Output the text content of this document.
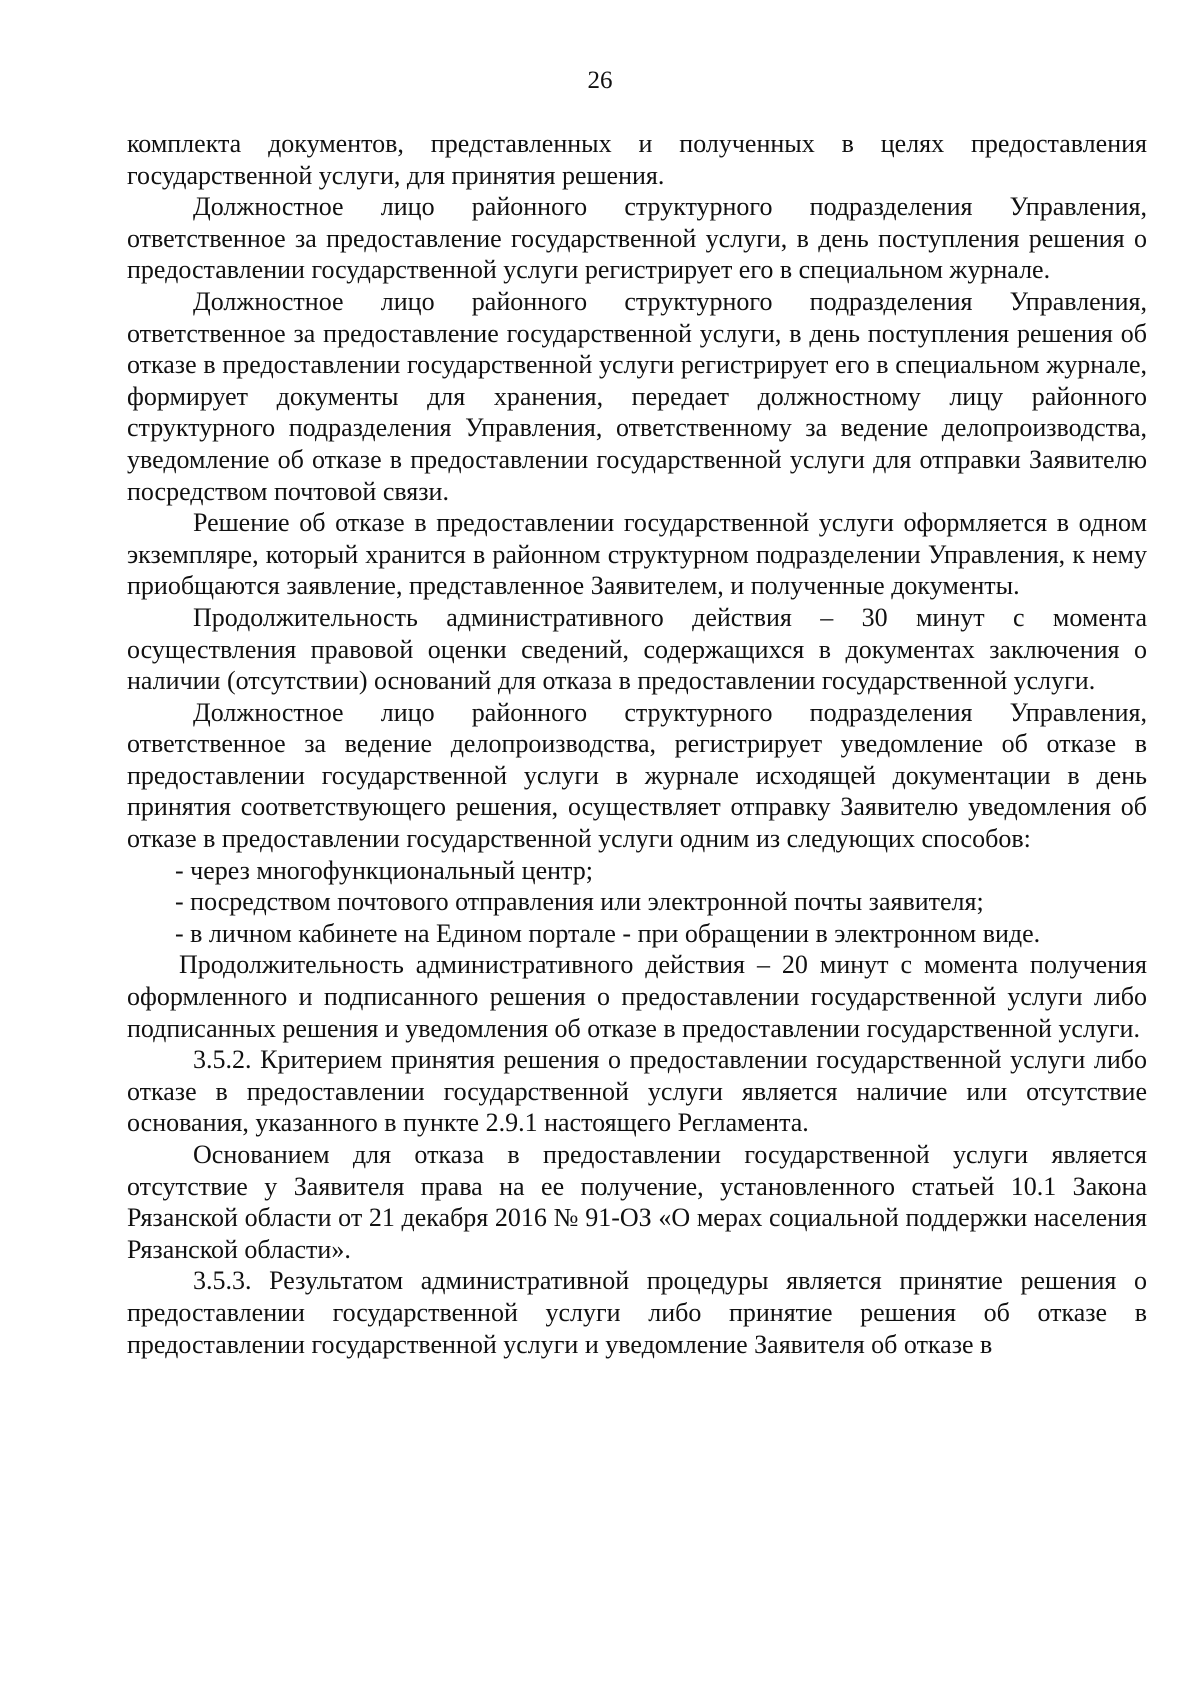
26

комплекта документов, представленных и полученных в целях предоставления государственной услуги, для принятия решения.

Должностное лицо районного структурного подразделения Управления, ответственное за предоставление государственной услуги, в день поступления решения о предоставлении государственной услуги регистрирует его в специальном журнале.

Должностное лицо районного структурного подразделения Управления, ответственное за предоставление государственной услуги, в день поступления решения об отказе в предоставлении государственной услуги регистрирует его в специальном журнале, формирует документы для хранения, передает должностному лицу районного структурного подразделения Управления, ответственному за ведение делопроизводства, уведомление об отказе в предоставлении государственной услуги для отправки Заявителю посредством почтовой связи.

Решение об отказе в предоставлении государственной услуги оформляется в одном экземпляре, который хранится в районном структурном подразделении Управления, к нему приобщаются заявление, представленное Заявителем, и полученные документы.

Продолжительность административного действия – 30 минут с момента осуществления правовой оценки сведений, содержащихся в документах заключения о наличии (отсутствии) оснований для отказа в предоставлении государственной услуги.

Должностное лицо районного структурного подразделения Управления, ответственное за ведение делопроизводства, регистрирует уведомление об отказе в предоставлении государственной услуги в журнале исходящей документации в день принятия соответствующего решения, осуществляет отправку Заявителю уведомления об отказе в предоставлении государственной услуги одним из следующих способов:

- через многофункциональный центр;

- посредством почтового отправления или электронной почты заявителя;

- в личном кабинете на Едином портале - при обращении в электронном виде.

Продолжительность административного действия – 20 минут с момента получения оформленного и подписанного решения о предоставлении государственной услуги либо подписанных решения и уведомления об отказе в предоставлении государственной услуги.

3.5.2. Критерием принятия решения о предоставлении государственной услуги либо отказе в предоставлении государственной услуги является наличие или отсутствие основания, указанного в пункте 2.9.1 настоящего Регламента.

Основанием для отказа в предоставлении государственной услуги является отсутствие у Заявителя права на ее получение, установленного статьей 10.1 Закона Рязанской области от 21 декабря 2016 № 91-ОЗ «О мерах социальной поддержки населения Рязанской области».

3.5.3. Результатом административной процедуры является принятие решения о предоставлении государственной услуги либо принятие решения об отказе в предоставлении государственной услуги и уведомление Заявителя об отказе в
